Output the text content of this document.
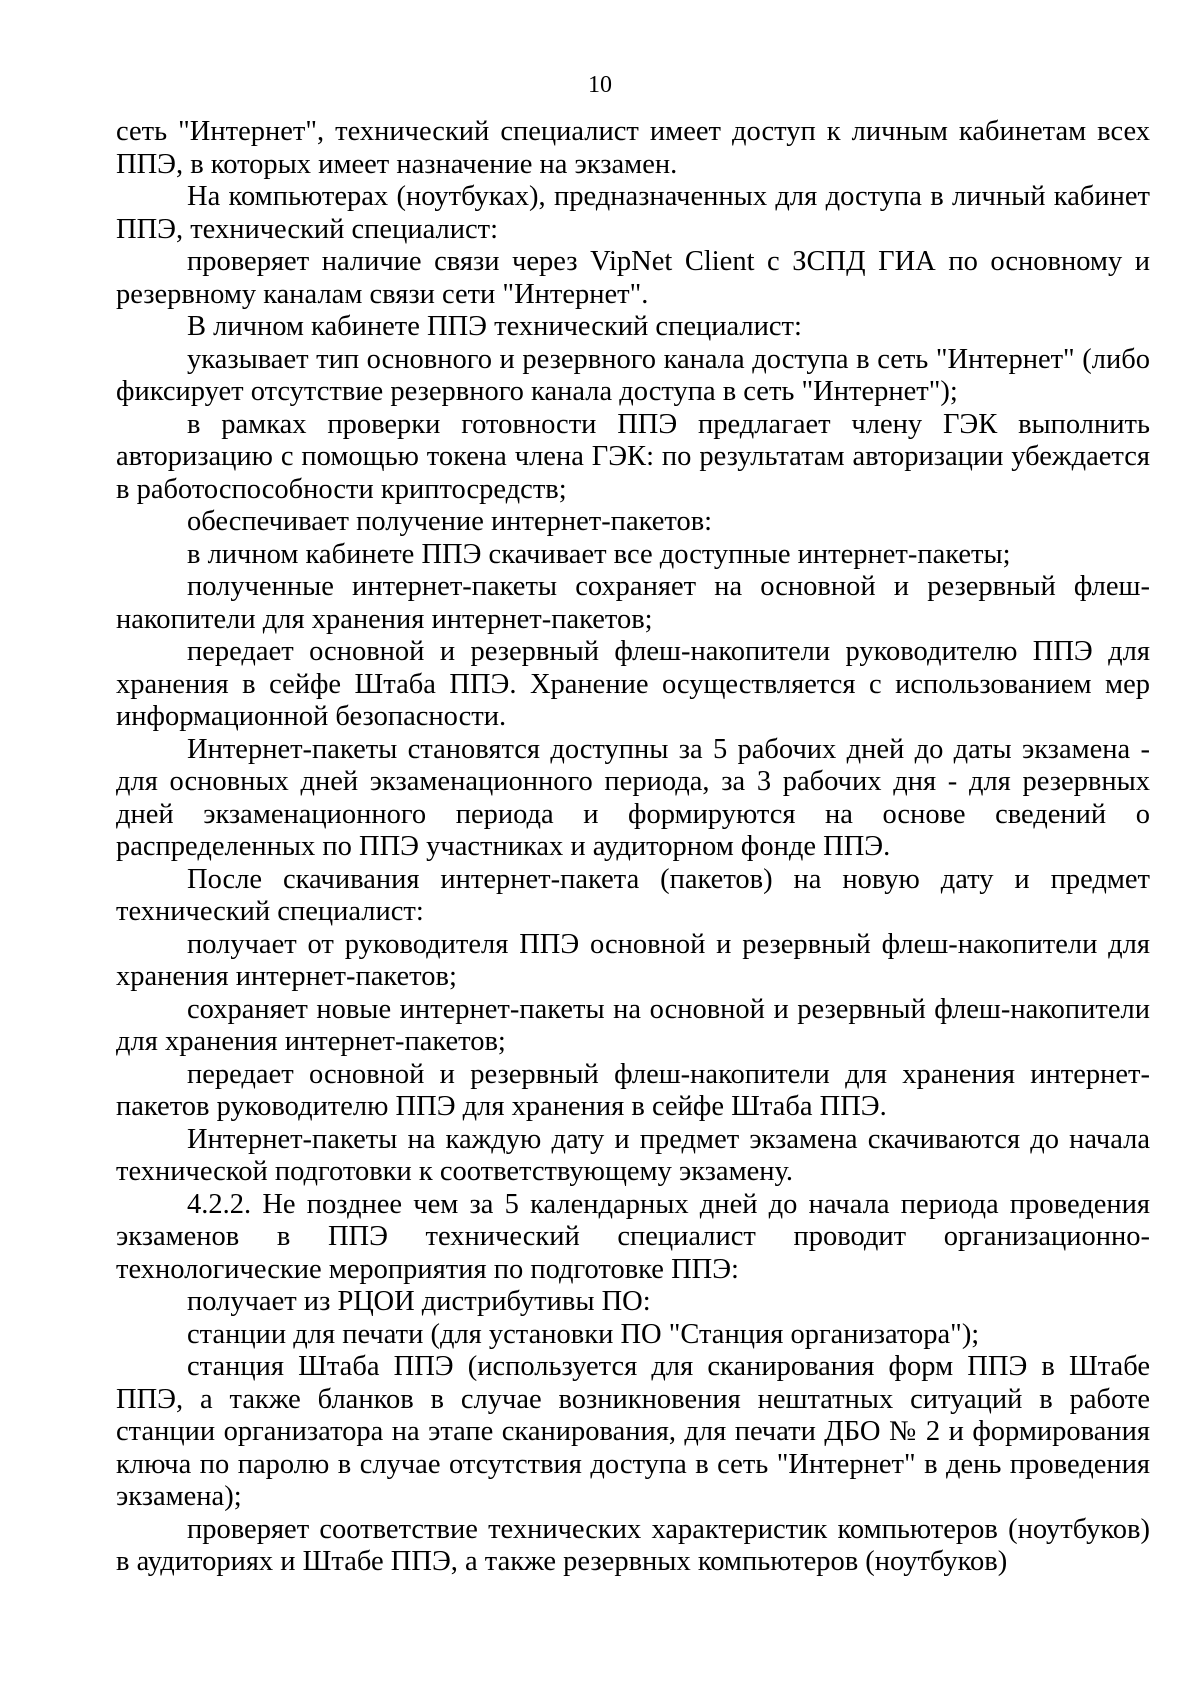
10

сеть "Интернет", технический специалист имеет доступ к личным кабинетам всех ППЭ, в которых имеет назначение на экзамен.

На компьютерах (ноутбуках), предназначенных для доступа в личный кабинет ППЭ, технический специалист:

проверяет наличие связи через VipNet Client с ЗСПД ГИА по основному и резервному каналам связи сети "Интернет".

В личном кабинете ППЭ технический специалист:

указывает тип основного и резервного канала доступа в сеть "Интернет" (либо фиксирует отсутствие резервного канала доступа в сеть "Интернет");

в рамках проверки готовности ППЭ предлагает члену ГЭК выполнить авторизацию с помощью токена члена ГЭК: по результатам авторизации убеждается в работоспособности криптосредств;

обеспечивает получение интернет-пакетов:

в личном кабинете ППЭ скачивает все доступные интернет-пакеты;

полученные интернет-пакеты сохраняет на основной и резервный флеш-накопители для хранения интернет-пакетов;

передает основной и резервный флеш-накопители руководителю ППЭ для хранения в сейфе Штаба ППЭ. Хранение осуществляется с использованием мер информационной безопасности.

Интернет-пакеты становятся доступны за 5 рабочих дней до даты экзамена - для основных дней экзаменационного периода, за 3 рабочих дня - для резервных дней экзаменационного периода и формируются на основе сведений о распределенных по ППЭ участниках и аудиторном фонде ППЭ.

После скачивания интернет-пакета (пакетов) на новую дату и предмет технический специалист:

получает от руководителя ППЭ основной и резервный флеш-накопители для хранения интернет-пакетов;

сохраняет новые интернет-пакеты на основной и резервный флеш-накопители для хранения интернет-пакетов;

передает основной и резервный флеш-накопители для хранения интернет-пакетов руководителю ППЭ для хранения в сейфе Штаба ППЭ.

Интернет-пакеты на каждую дату и предмет экзамена скачиваются до начала технической подготовки к соответствующему экзамену.

4.2.2. Не позднее чем за 5 календарных дней до начала периода проведения экзаменов в ППЭ технический специалист проводит организационно-технологические мероприятия по подготовке ППЭ:

получает из РЦОИ дистрибутивы ПО:

станции для печати (для установки ПО "Станция организатора");

станция Штаба ППЭ (используется для сканирования форм ППЭ в Штабе ППЭ, а также бланков в случае возникновения нештатных ситуаций в работе станции организатора на этапе сканирования, для печати ДБО № 2 и формирования ключа по паролю в случае отсутствия доступа в сеть "Интернет" в день проведения экзамена);

проверяет соответствие технических характеристик компьютеров (ноутбуков) в аудиториях и Штабе ППЭ, а также резервных компьютеров (ноутбуков)
